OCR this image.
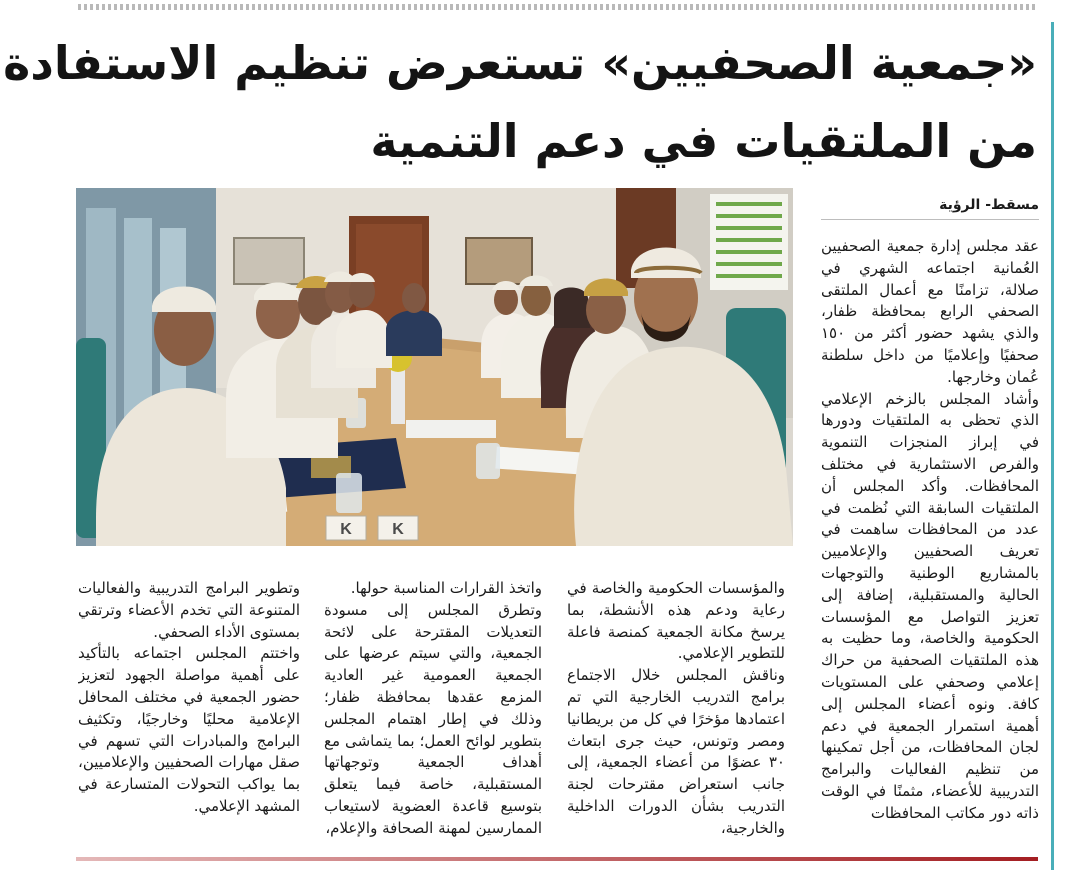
«جمعية الصحفيين» تستعرض تنظيم الاستفادة
من الملتقيات في دعم التنمية
K	K
مسقط- الرؤية

عقد مجلس إدارة جمعية الصحفيين العُمانية اجتماعه الشهري في صلالة، تزامنًا مع أعمال الملتقى الصحفي الرابع بمحافظة ظفار، والذي يشهد حضور أكثر من ١٥٠ صحفيًا وإعلاميًا من داخل سلطنة عُمان وخارجها.

وأشاد المجلس بالزخم الإعلامي الذي تحظى به الملتقيات ودورها في إبراز المنجزات التنموية والفرص الاستثمارية في مختلف المحافظات. وأكد المجلس أن الملتقيات السابقة التي نُظمت في عدد من المحافظات ساهمت في تعريف الصحفيين والإعلاميين بالمشاريع الوطنية والتوجهات الحالية والمستقبلية، إضافة إلى تعزيز التواصل مع المؤسسات الحكومية والخاصة، وما حظيت به هذه الملتقيات الصحفية من حراك إعلامي وصحفي على المستويات كافة. ونوه أعضاء المجلس إلى أهمية استمرار الجمعية في دعم لجان المحافظات، من أجل تمكينها من تنظيم الفعاليات والبرامج التدريبية للأعضاء، مثمنًا في الوقت ذاته دور مكاتب المحافظات

والمؤسسات الحكومية والخاصة في رعاية ودعم هذه الأنشطة، بما يرسخ مكانة الجمعية كمنصة فاعلة للتطوير الإعلامي.

وناقش المجلس خلال الاجتماع برامج التدريب الخارجية التي تم اعتمادها مؤخرًا في كل من بريطانيا ومصر وتونس، حيث جرى ابتعاث ٣٠ عضوًا من أعضاء الجمعية، إلى جانب استعراض مقترحات لجنة التدريب بشأن الدورات الداخلية والخارجية،

واتخذ القرارات المناسبة حولها.

وتطرق المجلس إلى مسودة التعديلات المقترحة على لائحة الجمعية، والتي سيتم عرضها على الجمعية العمومية غير العادية المزمع عقدها بمحافظة ظفار؛ وذلك في إطار اهتمام المجلس بتطوير لوائح العمل؛ بما يتماشى مع أهداف الجمعية وتوجهاتها المستقبلية، خاصة فيما يتعلق بتوسيع قاعدة العضوية لاستيعاب الممارسين لمهنة الصحافة والإعلام،

وتطوير البرامج التدريبية والفعاليات المتنوعة التي تخدم الأعضاء وترتقي بمستوى الأداء الصحفي.

واختتم المجلس اجتماعه بالتأكيد على أهمية مواصلة الجهود لتعزيز حضور الجمعية في مختلف المحافل الإعلامية محليًا وخارجيًا، وتكثيف البرامج والمبادرات التي تسهم في صقل مهارات الصحفيين والإعلاميين، بما يواكب التحولات المتسارعة في المشهد الإعلامي.
